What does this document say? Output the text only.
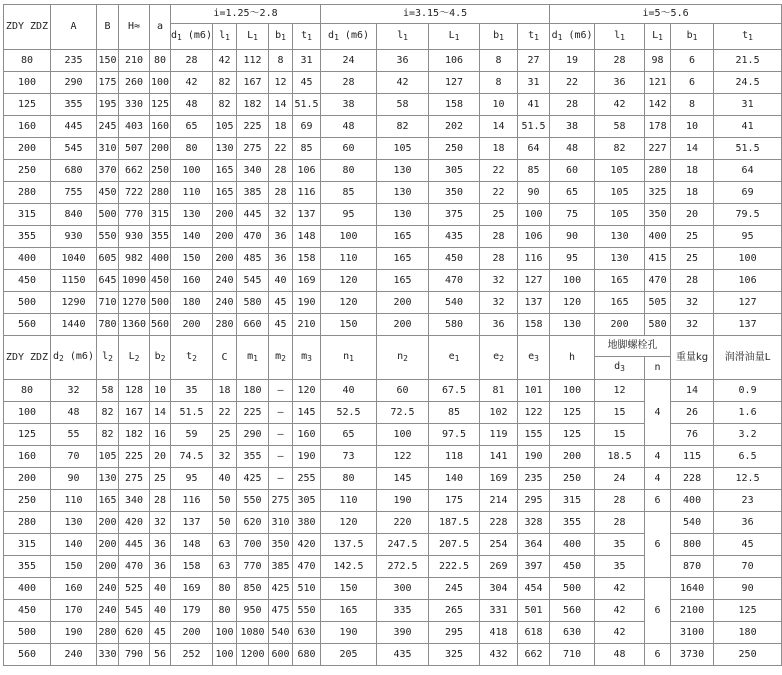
ZDY ZDZ	A	B	H≈	a	i=1.25～2.8					i=3.15～4.5					i=5～5.6				
					$d_1$ (m6)	$l_1$	$L_1$	$b_1$	$t_1$	$d_1$ (m6)	$l_1$	$L_1$	$b_1$	$t_1$	$d_1$ (m6)	$l_1$	$L_1$	$b_1$	$t_1$
80	235	150	210	80	28	42	112	8	31	24	36	106	8	27	19	28	98	6	21.5
100	290	175	260	100	42	82	167	12	45	28	42	127	8	31	22	36	121	6	24.5
125	355	195	330	125	48	82	182	14	51.5	38	58	158	10	41	28	42	142	8	31
160	445	245	403	160	65	105	225	18	69	48	82	202	14	51.5	38	58	178	10	41
200	545	310	507	200	80	130	275	22	85	60	105	250	18	64	48	82	227	14	51.5
250	680	370	662	250	100	165	340	28	106	80	130	305	22	85	60	105	280	18	64
280	755	450	722	280	110	165	385	28	116	85	130	350	22	90	65	105	325	18	69
315	840	500	770	315	130	200	445	32	137	95	130	375	25	100	75	105	350	20	79.5
355	930	550	930	355	140	200	470	36	148	100	165	435	28	106	90	130	400	25	95
400	1040	605	982	400	150	200	485	36	158	110	165	450	28	116	95	130	415	25	100
450	1150	645	1090	450	160	240	545	40	169	120	165	470	32	127	100	165	470	28	106
500	1290	710	1270	500	180	240	580	45	190	120	200	540	32	137	120	165	505	32	127
560	1440	780	1360	560	200	280	660	45	210	150	200	580	36	158	130	200	580	32	137
ZDY ZDZ	$d_2$ (m6)	$l_2$	$L_2$	$b_2$	$t_2$	C	$m_1$	$m_2$	$m_3$	$n_1$	$n_2$	$e_1$	$e_2$	$e_3$	h	地脚螺栓孔		重量kg	润滑油量L
																$d_3$	n		
80	32	58	128	10	35	18	180	—	120	40	60	67.5	81	101	100	12	4	14	0.9
100	48	82	167	14	51.5	22	225	—	145	52.5	72.5	85	102	122	125	15		26	1.6
125	55	82	182	16	59	25	290	—	160	65	100	97.5	119	155	125	15		76	3.2
160	70	105	225	20	74.5	32	355	—	190	73	122	118	141	190	200	18.5	4	115	6.5
200	90	130	275	25	95	40	425	—	255	80	145	140	169	235	250	24	4	228	12.5
250	110	165	340	28	116	50	550	275	305	110	190	175	214	295	315	28	6	400	23
280	130	200	420	32	137	50	620	310	380	120	220	187.5	228	328	355	28	6	540	36
315	140	200	445	36	148	63	700	350	420	137.5	247.5	207.5	254	364	400	35		800	45
355	150	200	470	36	158	63	770	385	470	142.5	272.5	222.5	269	397	450	35		870	70
400	160	240	525	40	169	80	850	425	510	150	300	245	304	454	500	42	6	1640	90
450	170	240	545	40	179	80	950	475	550	165	335	265	331	501	560	42		2100	125
500	190	280	620	45	200	100	1080	540	630	190	390	295	418	618	630	42		3100	180
560	240	330	790	56	252	100	1200	600	680	205	435	325	432	662	710	48	6	3730	250
